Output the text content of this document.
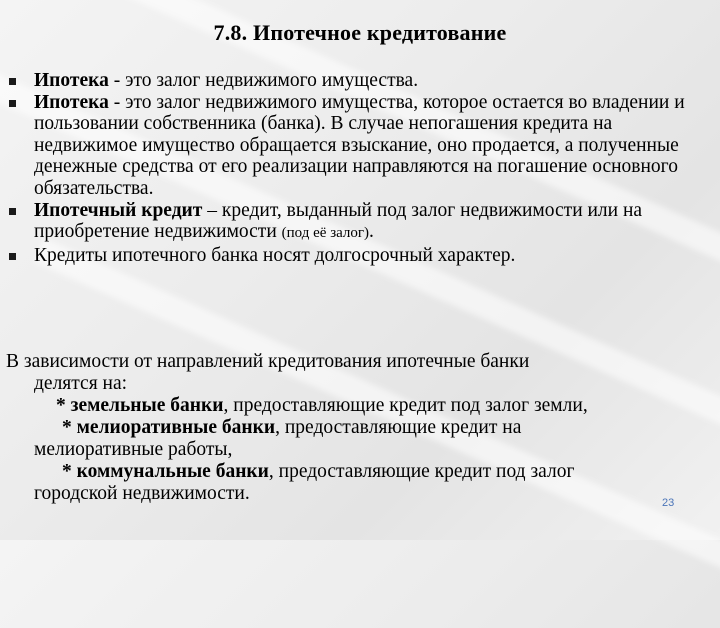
7.8. Ипотечное кредитование
Ипотека - это залог недвижимого имущества.
Ипотека - это залог недвижимого имущества, которое остается во владении и пользовании собственника (банка). В случае непогашения кредита на недвижимое имущество обращается взыскание, оно продается, а полученные денежные средства от его реализации направляются на погашение основного обязательства.
Ипотечный кредит – кредит, выданный под залог недвижимости или на приобретение недвижимости (под её залог).
Кредиты ипотечного банка носят долгосрочный характер.
В зависимости от направлений кредитования ипотечные банки
делятся на:
* земельные банки, предоставляющие кредит под залог земли,
* мелиоративные банки, предоставляющие кредит на
мелиоративные работы,
* коммунальные банки, предоставляющие кредит под залог
городской недвижимости.	23
